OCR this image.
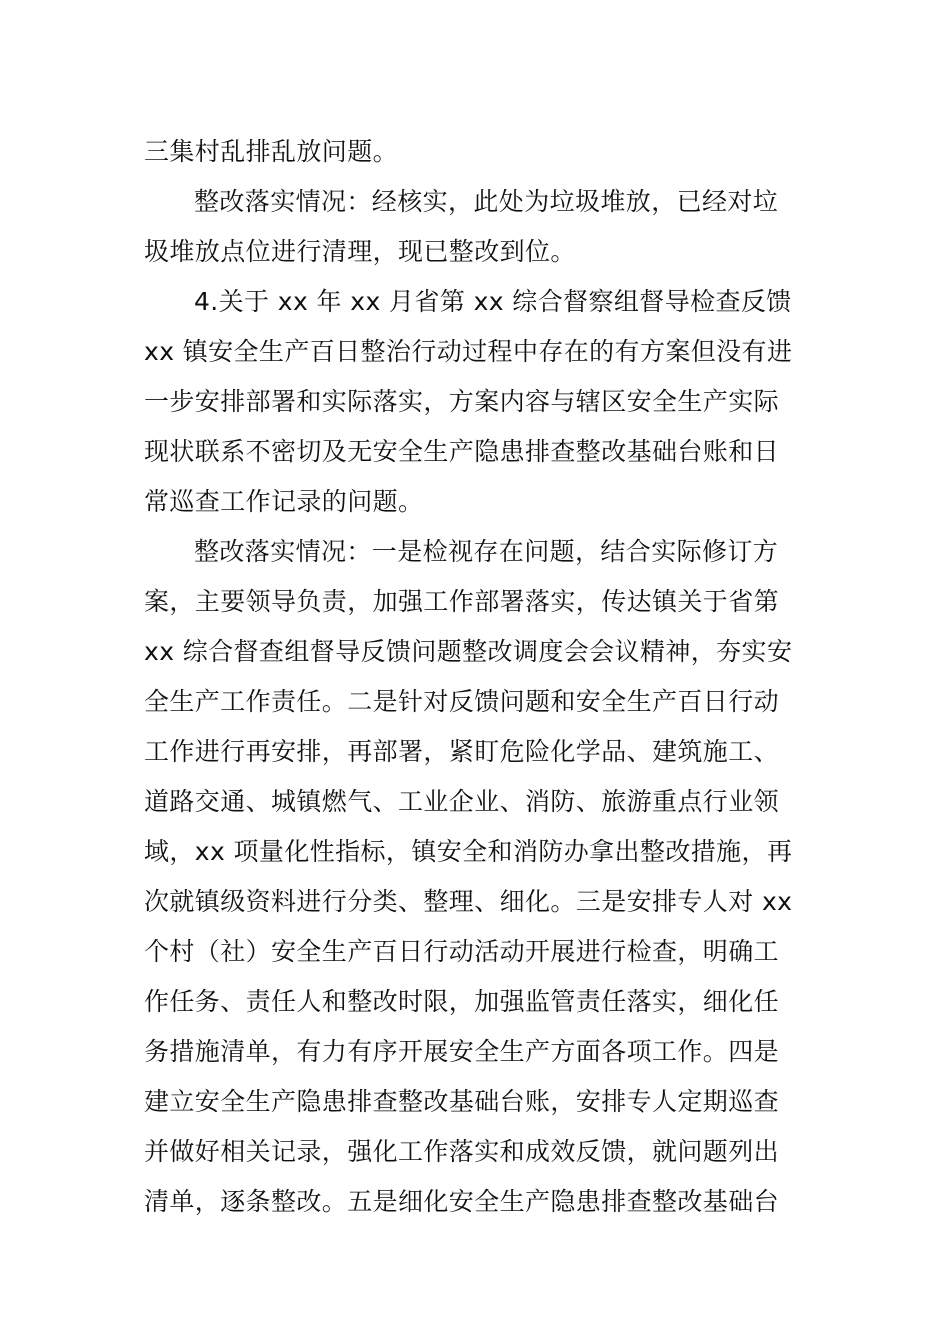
三集村乱排乱放问题。

整改落实情况：经核实，此处为垃圾堆放，已经对垃
圾堆放点位进行清理，现已整改到位。

4.关于 xx 年 xx 月省第 xx 综合督察组督导检查反馈
xx 镇安全生产百日整治行动过程中存在的有方案但没有进
一步安排部署和实际落实，方案内容与辖区安全生产实际
现状联系不密切及无安全生产隐患排查整改基础台账和日
常巡查工作记录的问题。

整改落实情况：一是检视存在问题，结合实际修订方
案，主要领导负责，加强工作部署落实，传达镇关于省第
xx 综合督查组督导反馈问题整改调度会会议精神，夯实安
全生产工作责任。二是针对反馈问题和安全生产百日行动
工作进行再安排，再部署，紧盯危险化学品、建筑施工、
道路交通、城镇燃气、工业企业、消防、旅游重点行业领
域，xx 项量化性指标，镇安全和消防办拿出整改措施，再
次就镇级资料进行分类、整理、细化。三是安排专人对 xx
个村（社）安全生产百日行动活动开展进行检查，明确工
作任务、责任人和整改时限，加强监管责任落实，细化任
务措施清单，有力有序开展安全生产方面各项工作。四是
建立安全生产隐患排查整改基础台账，安排专人定期巡查
并做好相关记录，强化工作落实和成效反馈，就问题列出
清单，逐条整改。五是细化安全生产隐患排查整改基础台
